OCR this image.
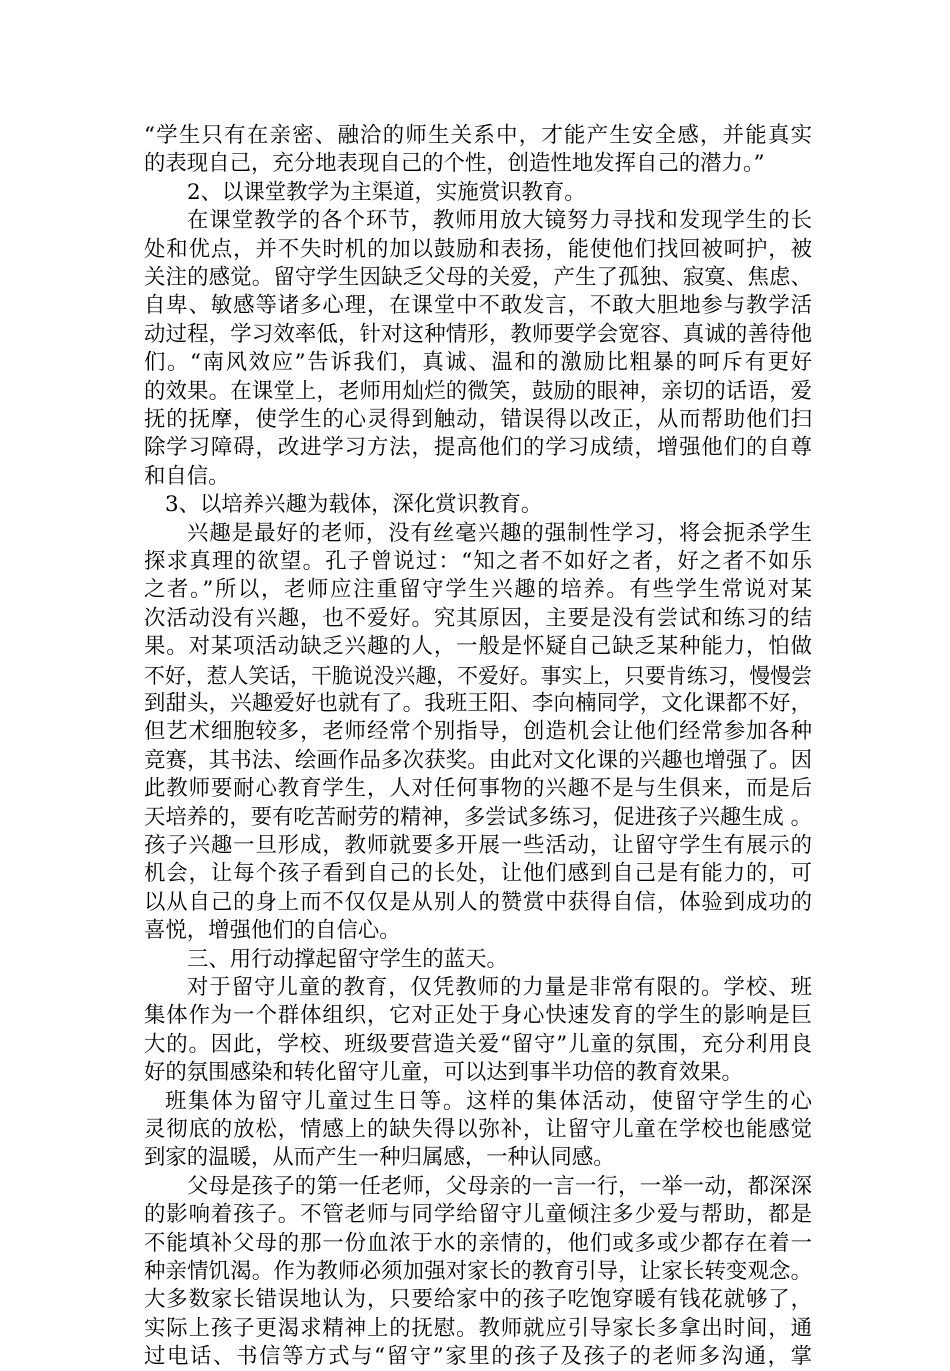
“学生只有在亲密、融洽的师生关系中，才能产生安全感，并能真实
的表现自己，充分地表现自己的个性，创造性地发挥自己的潜力。”
2、以课堂教学为主渠道，实施赏识教育。
在课堂教学的各个环节，教师用放大镜努力寻找和发现学生的长
处和优点，并不失时机的加以鼓励和表扬，能使他们找回被呵护，被
关注的感觉。留守学生因缺乏父母的关爱，产生了孤独、寂寞、焦虑、
自卑、敏感等诸多心理，在课堂中不敢发言，不敢大胆地参与教学活
动过程，学习效率低，针对这种情形，教师要学会宽容、真诚的善待他
们。“南风效应”告诉我们，真诚、温和的激励比粗暴的呵斥有更好
的效果。在课堂上，老师用灿烂的微笑，鼓励的眼神，亲切的话语，爱
抚的抚摩，使学生的心灵得到触动，错误得以改正，从而帮助他们扫
除学习障碍，改进学习方法，提高他们的学习成绩，增强他们的自尊
和自信。
3、以培养兴趣为载体，深化赏识教育。
兴趣是最好的老师，没有丝毫兴趣的强制性学习，将会扼杀学生
探求真理的欲望。孔子曾说过：“知之者不如好之者，好之者不如乐
之者。”所以，老师应注重留守学生兴趣的培养。有些学生常说对某
次活动没有兴趣，也不爱好。究其原因，主要是没有尝试和练习的结
果。对某项活动缺乏兴趣的人，一般是怀疑自己缺乏某种能力，怕做
不好，惹人笑话，干脆说没兴趣，不爱好。事实上，只要肯练习，慢慢尝
到甜头，兴趣爱好也就有了。我班王阳、李向楠同学，文化课都不好，
但艺术细胞较多，老师经常个别指导，创造机会让他们经常参加各种
竞赛，其书法、绘画作品多次获奖。由此对文化课的兴趣也增强了。因
此教师要耐心教育学生，人对任何事物的兴趣不是与生俱来，而是后
天培养的，要有吃苦耐劳的精神，多尝试多练习，促进孩子兴趣生成 。
孩子兴趣一旦形成，教师就要多开展一些活动，让留守学生有展示的
机会，让每个孩子看到自己的长处，让他们感到自己是有能力的，可
以从自己的身上而不仅仅是从别人的赞赏中获得自信，体验到成功的
喜悦，增强他们的自信心。
三、用行动撑起留守学生的蓝天。
对于留守儿童的教育，仅凭教师的力量是非常有限的。学校、班
集体作为一个群体组织，它对正处于身心快速发育的学生的影响是巨
大的。因此，学校、班级要营造关爱“留守”儿童的氛围，充分利用良
好的氛围感染和转化留守儿童，可以达到事半功倍的教育效果。
班集体为留守儿童过生日等。这样的集体活动，使留守学生的心
灵彻底的放松，情感上的缺失得以弥补，让留守儿童在学校也能感觉
到家的温暖，从而产生一种归属感，一种认同感。
父母是孩子的第一任老师，父母亲的一言一行，一举一动，都深深
的影响着孩子。不管老师与同学给留守儿童倾注多少爱与帮助，都是
不能填补父母的那一份血浓于水的亲情的，他们或多或少都存在着一
种亲情饥渴。作为教师必须加强对家长的教育引导，让家长转变观念。
大多数家长错误地认为，只要给家中的孩子吃饱穿暖有钱花就够了，
实际上孩子更渴求精神上的抚慰。教师就应引导家长多拿出时间，通
过电话、书信等方式与“留守”家里的孩子及孩子的老师多沟通，掌
